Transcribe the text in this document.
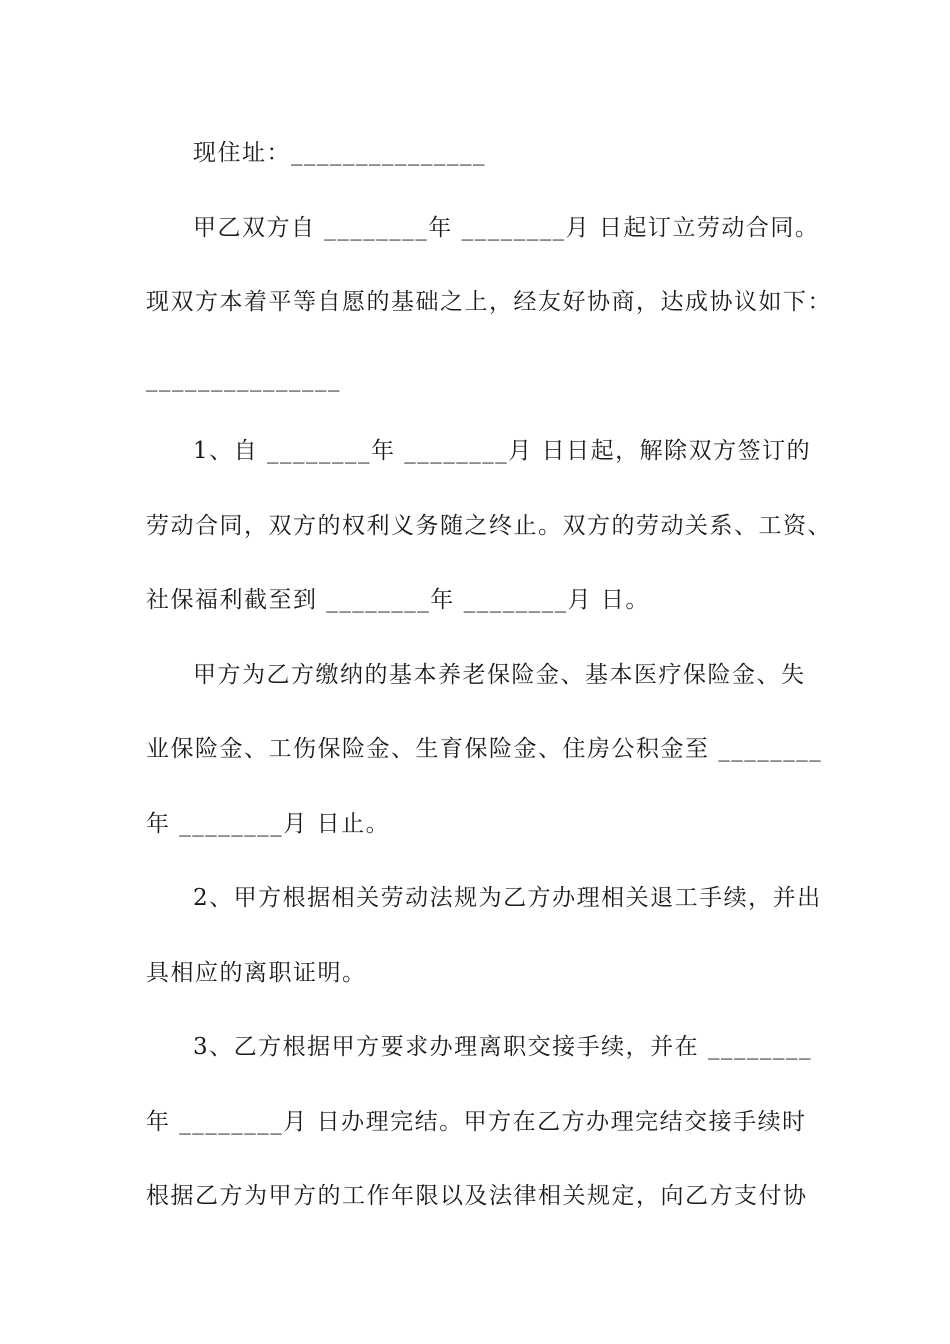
现住址：_______________
甲乙双方自 ________年 ________月 日起订立劳动合同。
现双方本着平等自愿的基础之上，经友好协商，达成协议如下：
_______________
1、自 ________年 ________月 日日起，解除双方签订的
劳动合同，双方的权利义务随之终止。双方的劳动关系、工资、
社保福利截至到 ________年 ________月 日。
甲方为乙方缴纳的基本养老保险金、基本医疗保险金、失
业保险金、工伤保险金、生育保险金、住房公积金至 ________
年 ________月 日止。
2、甲方根据相关劳动法规为乙方办理相关退工手续，并出
具相应的离职证明。
3、乙方根据甲方要求办理离职交接手续，并在 ________
年 ________月 日办理完结。甲方在乙方办理完结交接手续时
根据乙方为甲方的工作年限以及法律相关规定，向乙方支付协
